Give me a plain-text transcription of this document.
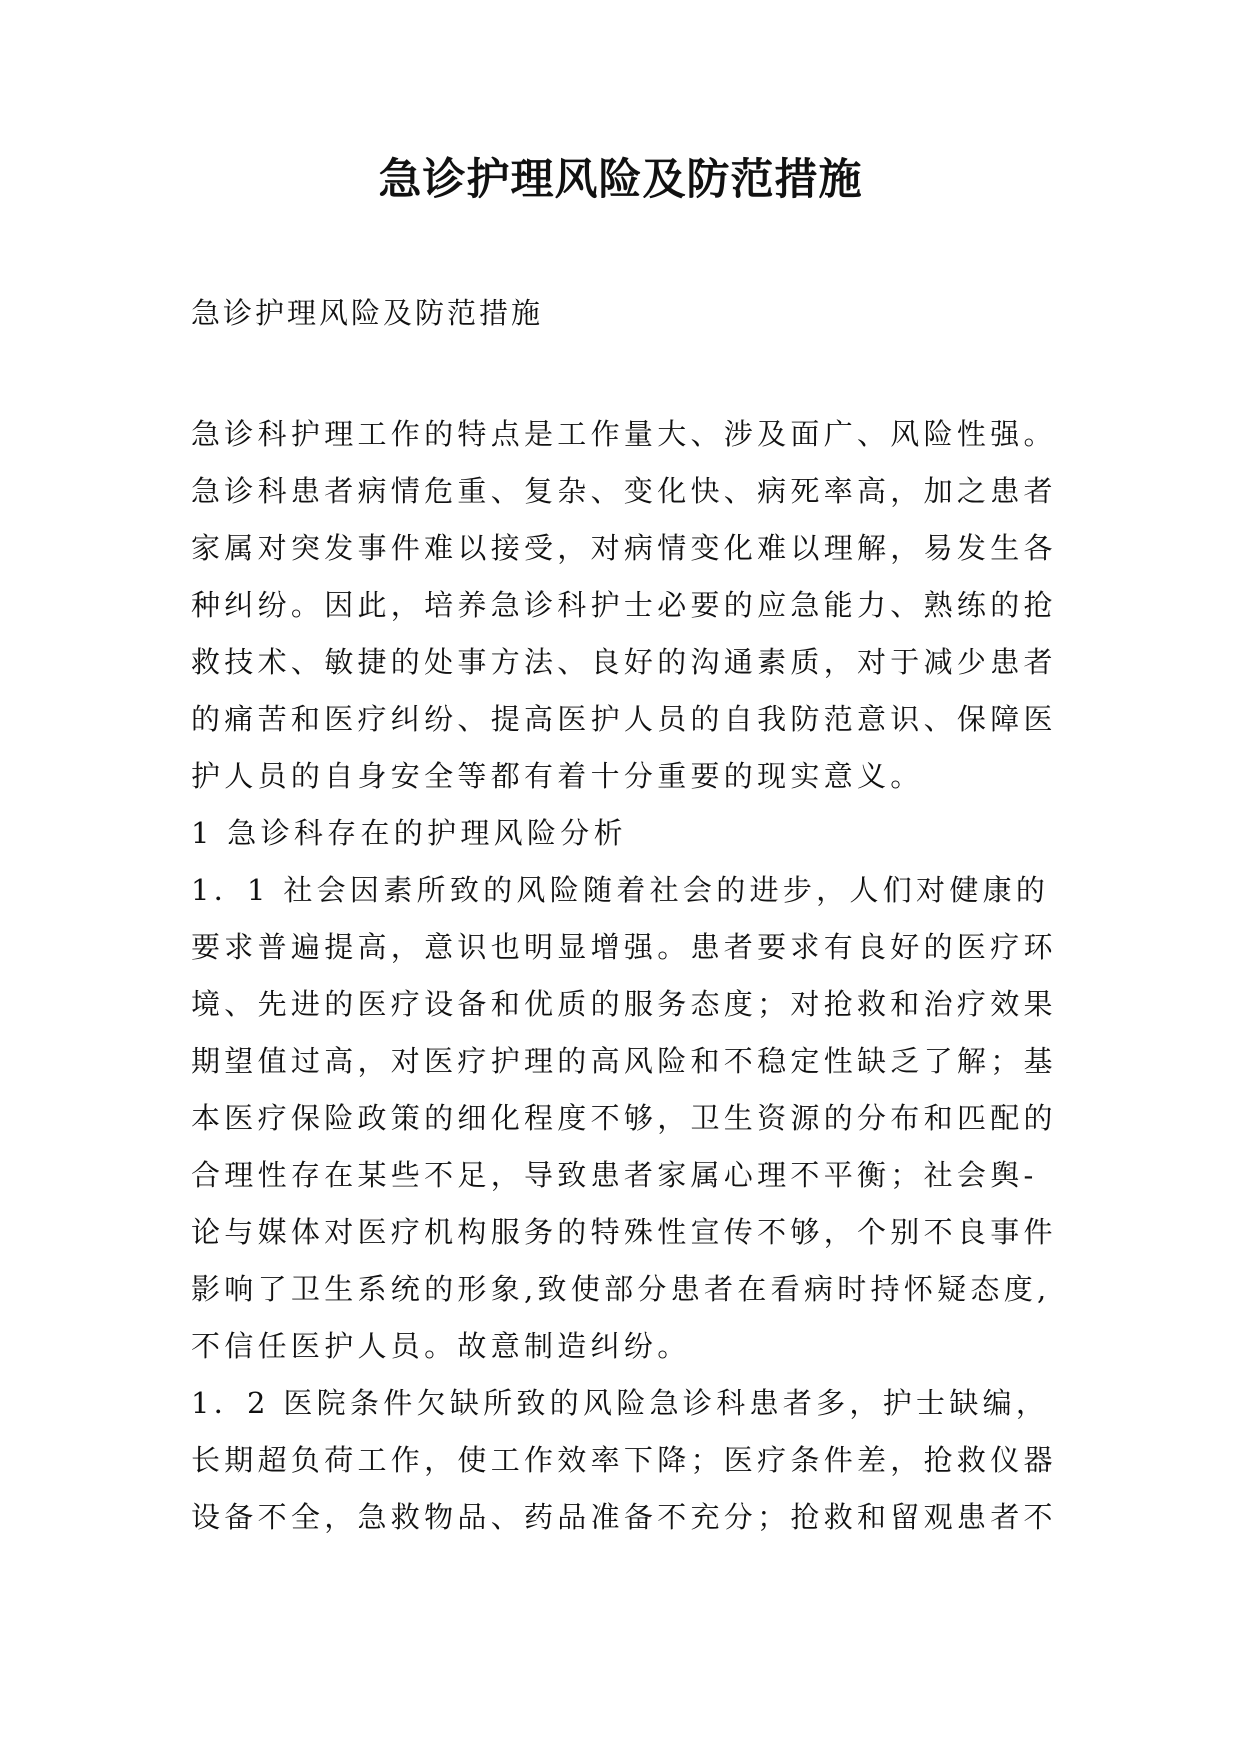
急诊护理风险及防范措施

急诊护理风险及防范措施

急诊科护理工作的特点是工作量大、涉及面广、风险性强。
急诊科患者病情危重、复杂、变化快、病死率高，加之患者
家属对突发事件难以接受，对病情变化难以理解，易发生各
种纠纷。因此，培养急诊科护士必要的应急能力、熟练的抢
救技术、敏捷的处事方法、良好的沟通素质，对于减少患者
的痛苦和医疗纠纷、提高医护人员的自我防范意识、保障医
护人员的自身安全等都有着十分重要的现实意义。
1 急诊科存在的护理风险分析
1．1 社会因素所致的风险随着社会的进步，人们对健康的
要求普遍提高，意识也明显增强。患者要求有良好的医疗环
境、先进的医疗设备和优质的服务态度；对抢救和治疗效果
期望值过高，对医疗护理的高风险和不稳定性缺乏了解；基
本医疗保险政策的细化程度不够，卫生资源的分布和匹配的
合理性存在某些不足，导致患者家属心理不平衡；社会舆-
论与媒体对医疗机构服务的特殊性宣传不够，个别不良事件
影响了卫生系统的形象,致使部分患者在看病时持怀疑态度,
不信任医护人员。故意制造纠纷。
1．2 医院条件欠缺所致的风险急诊科患者多，护士缺编，
长期超负荷工作，使工作效率下降；医疗条件差，抢救仪器
设备不全，急救物品、药品准备不充分；抢救和留观患者不
